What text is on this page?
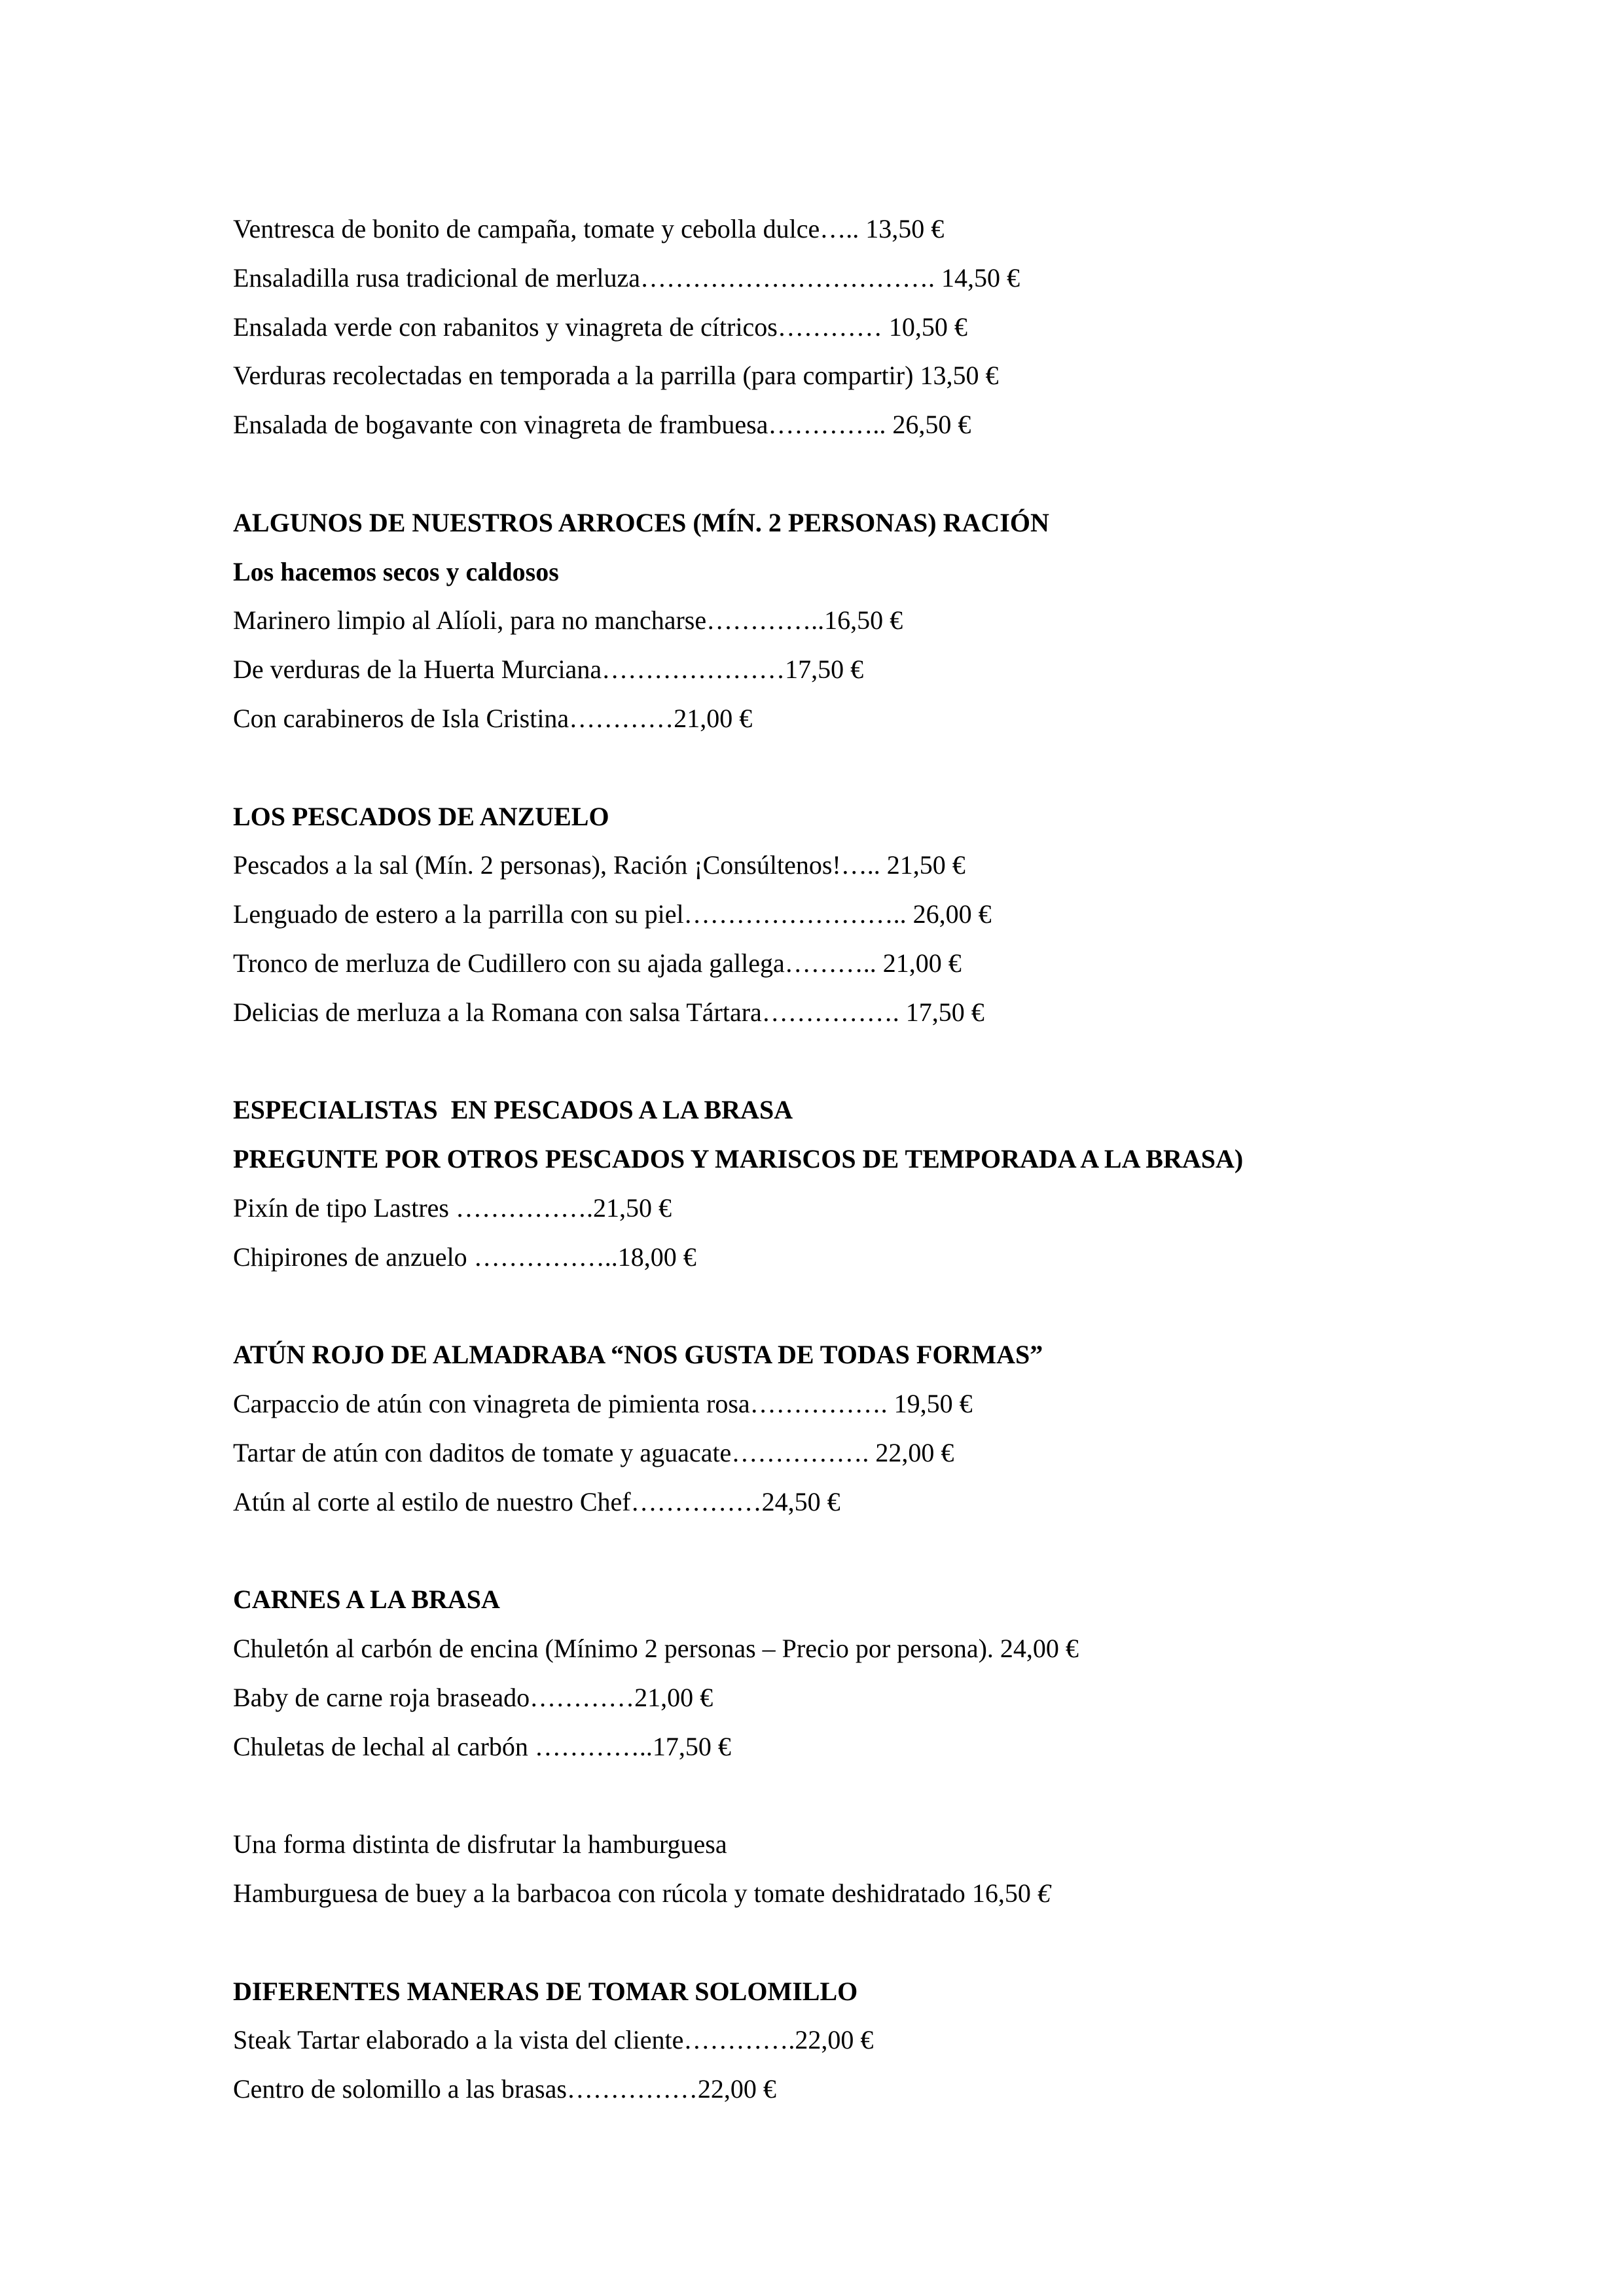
Ventresca de bonito de campaña, tomate y cebolla dulce….. 13,50 €
Ensaladilla rusa tradicional de merluza……………………………. 14,50 €
Ensalada verde con rabanitos y vinagreta de cítricos………… 10,50 €
Verduras recolectadas en temporada a la parrilla (para compartir) 13,50 €
Ensalada de bogavante con vinagreta de frambuesa………….. 26,50 €
ALGUNOS DE NUESTROS ARROCES (MÍN. 2 PERSONAS) RACIÓN
Los hacemos secos y caldosos
Marinero limpio al Alíoli, para no mancharse…………..16,50 €
De verduras de la Huerta Murciana…………………17,50 €
Con carabineros de Isla Cristina…………21,00 €
LOS PESCADOS DE ANZUELO
Pescados a la sal (Mín. 2 personas), Ración ¡Consúltenos!….. 21,50 €
Lenguado de estero a la parrilla con su piel…………………….. 26,00 €
Tronco de merluza de Cudillero con su ajada gallega……….. 21,00 €
Delicias de merluza a la Romana con salsa Tártara……………. 17,50 €
ESPECIALISTAS  EN PESCADOS A LA BRASA
PREGUNTE POR OTROS PESCADOS Y MARISCOS DE TEMPORADA A LA BRASA)
Pixín de tipo Lastres …………….21,50 €
Chipirones de anzuelo ……………..18,00 €
ATÚN ROJO DE ALMADRABA “NOS GUSTA DE TODAS FORMAS”
Carpaccio de atún con vinagreta de pimienta rosa……………. 19,50 €
Tartar de atún con daditos de tomate y aguacate……………. 22,00 €
Atún al corte al estilo de nuestro Chef……………24,50 €
CARNES A LA BRASA
Chuletón al carbón de encina (Mínimo 2 personas – Precio por persona). 24,00 €
Baby de carne roja braseado…………21,00 €
Chuletas de lechal al carbón …………..17,50 €
Una forma distinta de disfrutar la hamburguesa
Hamburguesa de buey a la barbacoa con rúcola y tomate deshidratado 16,50 €
DIFERENTES MANERAS DE TOMAR SOLOMILLO
Steak Tartar elaborado a la vista del cliente………….22,00 €
Centro de solomillo a las brasas……………22,00 €
